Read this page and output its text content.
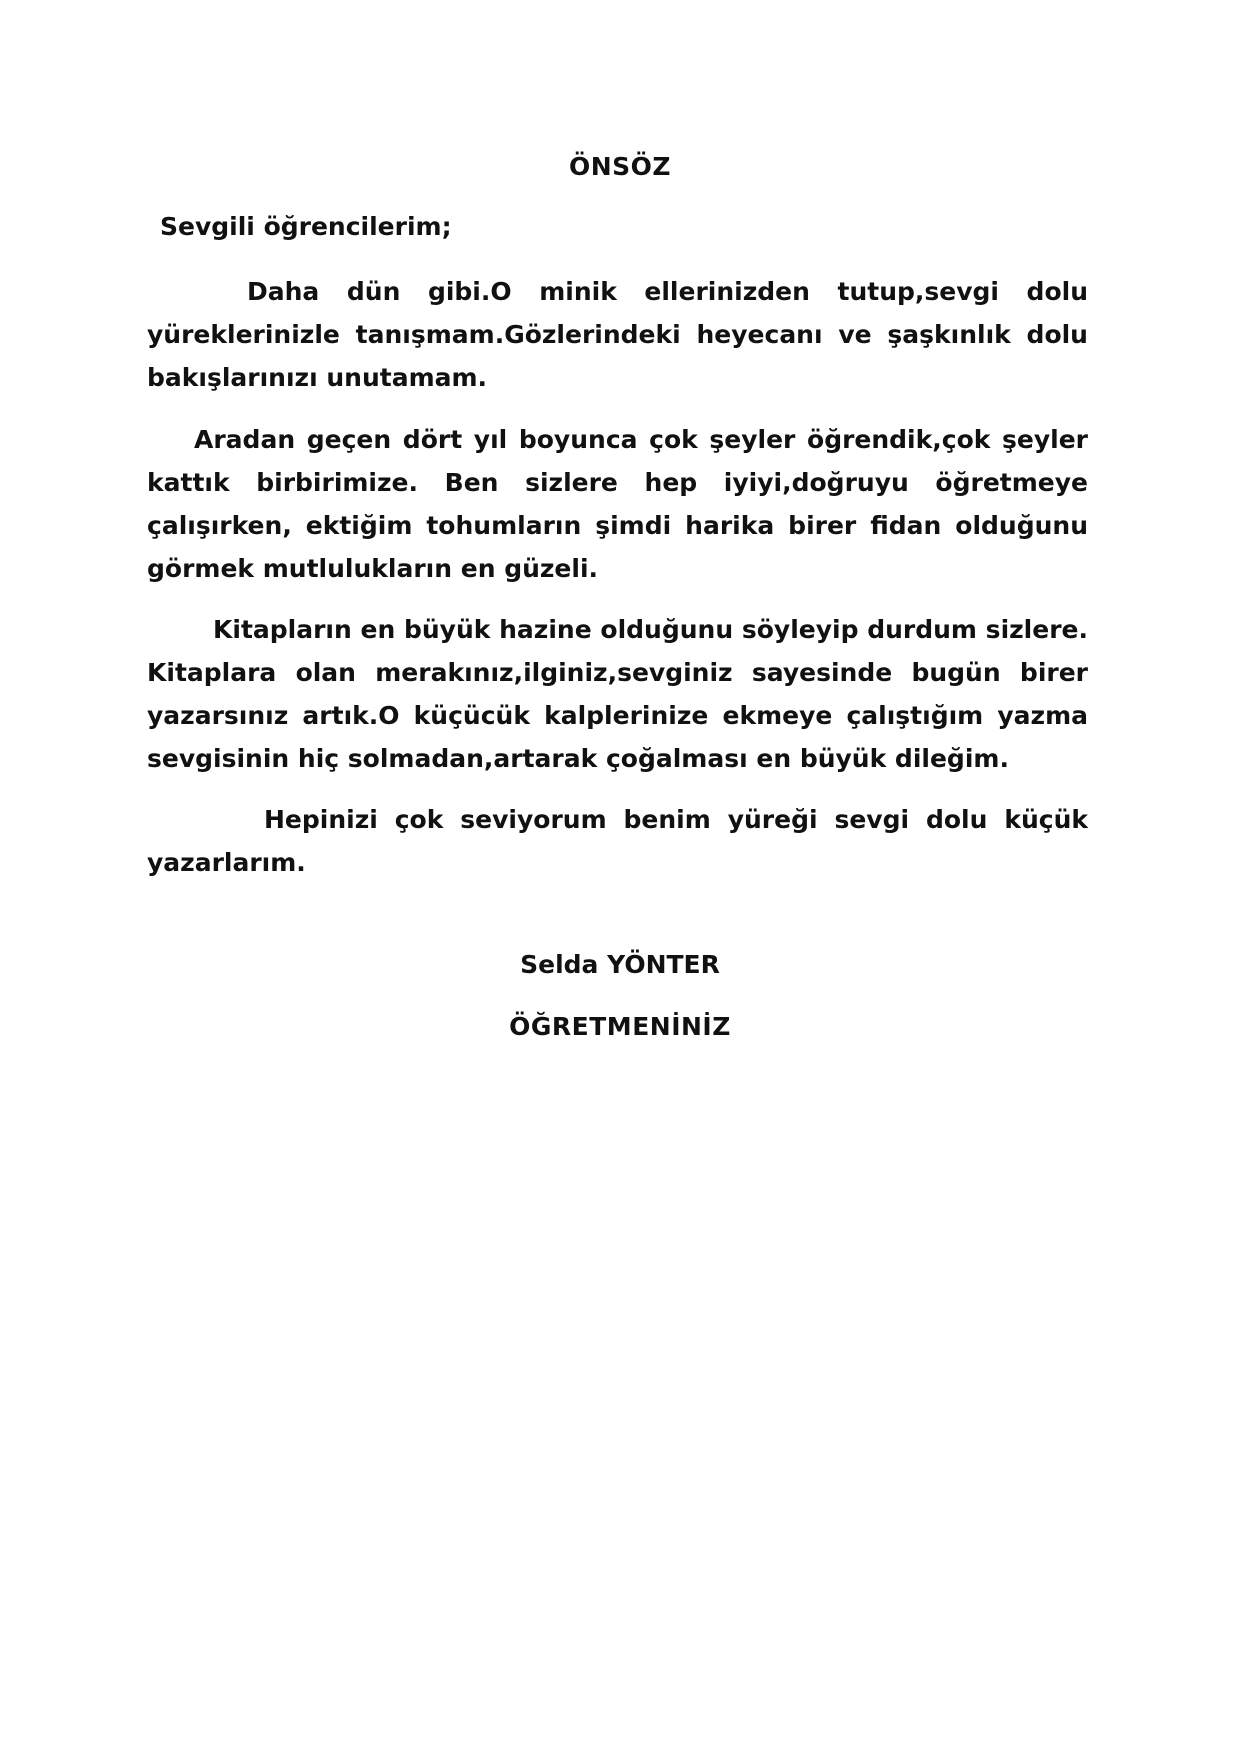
ÖNSÖZ
Sevgili öğrencilerim;
Daha dün gibi.O minik ellerinizden tutup,sevgi dolu
yüreklerinizle tanışmam.Gözlerindeki heyecanı ve şaşkınlık dolu
bakışlarınızı unutamam.
Aradan geçen dört yıl boyunca çok şeyler öğrendik,çok şeyler
kattık birbirimize. Ben sizlere hep iyiyi,doğruyu öğretmeye
çalışırken, ektiğim tohumların şimdi harika birer fidan olduğunu
görmek mutlulukların en güzeli.
Kitapların en büyük hazine olduğunu söyleyip durdum sizlere.
Kitaplara olan merakınız,ilginiz,sevginiz sayesinde bugün birer
yazarsınız artık.O küçücük kalplerinize ekmeye çalıştığım yazma
sevgisinin hiç solmadan,artarak çoğalması en büyük dileğim.
Hepinizi çok seviyorum benim yüreği sevgi dolu küçük
yazarlarım.
Selda YÖNTER
ÖĞRETMENİNİZ
